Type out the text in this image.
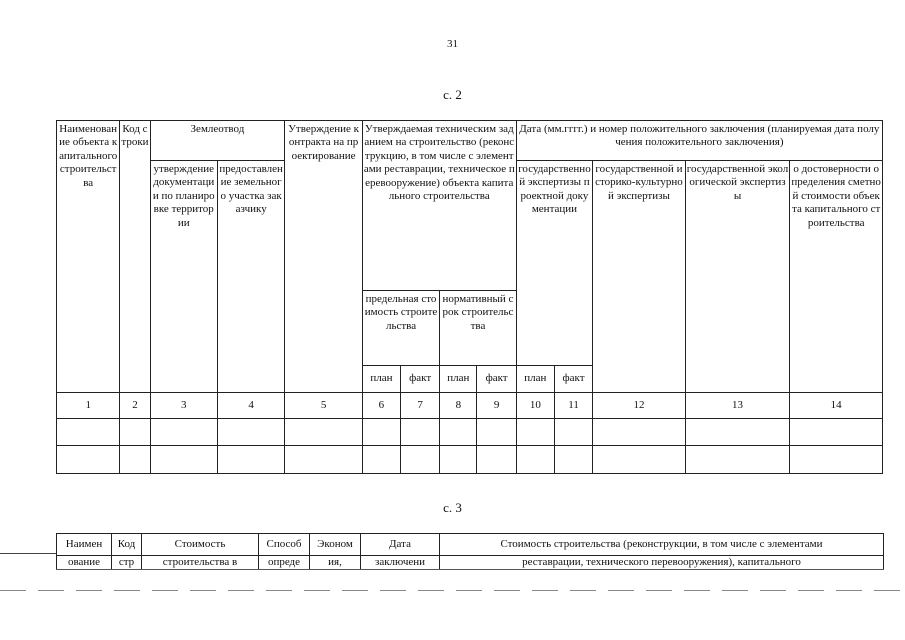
31
с. 2
Наименование объекта капитального строительства	Код строки	Землеотвод		Утверждение контракта на проектирование	Утверждаемая техническим заданием на строительство (реконструкцию, в том числе с элементами реставрации, техническое перевооружение) объекта капитального строительства				Дата (мм.гггг.) и номер положительного заключения (планируемая дата получения положительного заключения)				
		утверждение документации по планировке территории	предоставление земельного участка заказчику						государственной экспертизы проектной документации		государственной историко-культурной экспертизы	государственной экологической экспертизы	о достоверности определения сметной стоимости объекта капитального строительства
					предельная стоимость строительства		нормативный срок строительства						
					план	факт	план	факт	план	факт			
1	2	3	4	5	6	7	8	9	10	11	12	13	14

с. 3
Наимен	Код	Стоимость	Способ	Эконом	Дата	Стоимость строительства (реконструкции, в том числе с элементами
ование	стр	строительства в	опреде	ия,	заключени	реставрации, технического перевооружения), капитального
